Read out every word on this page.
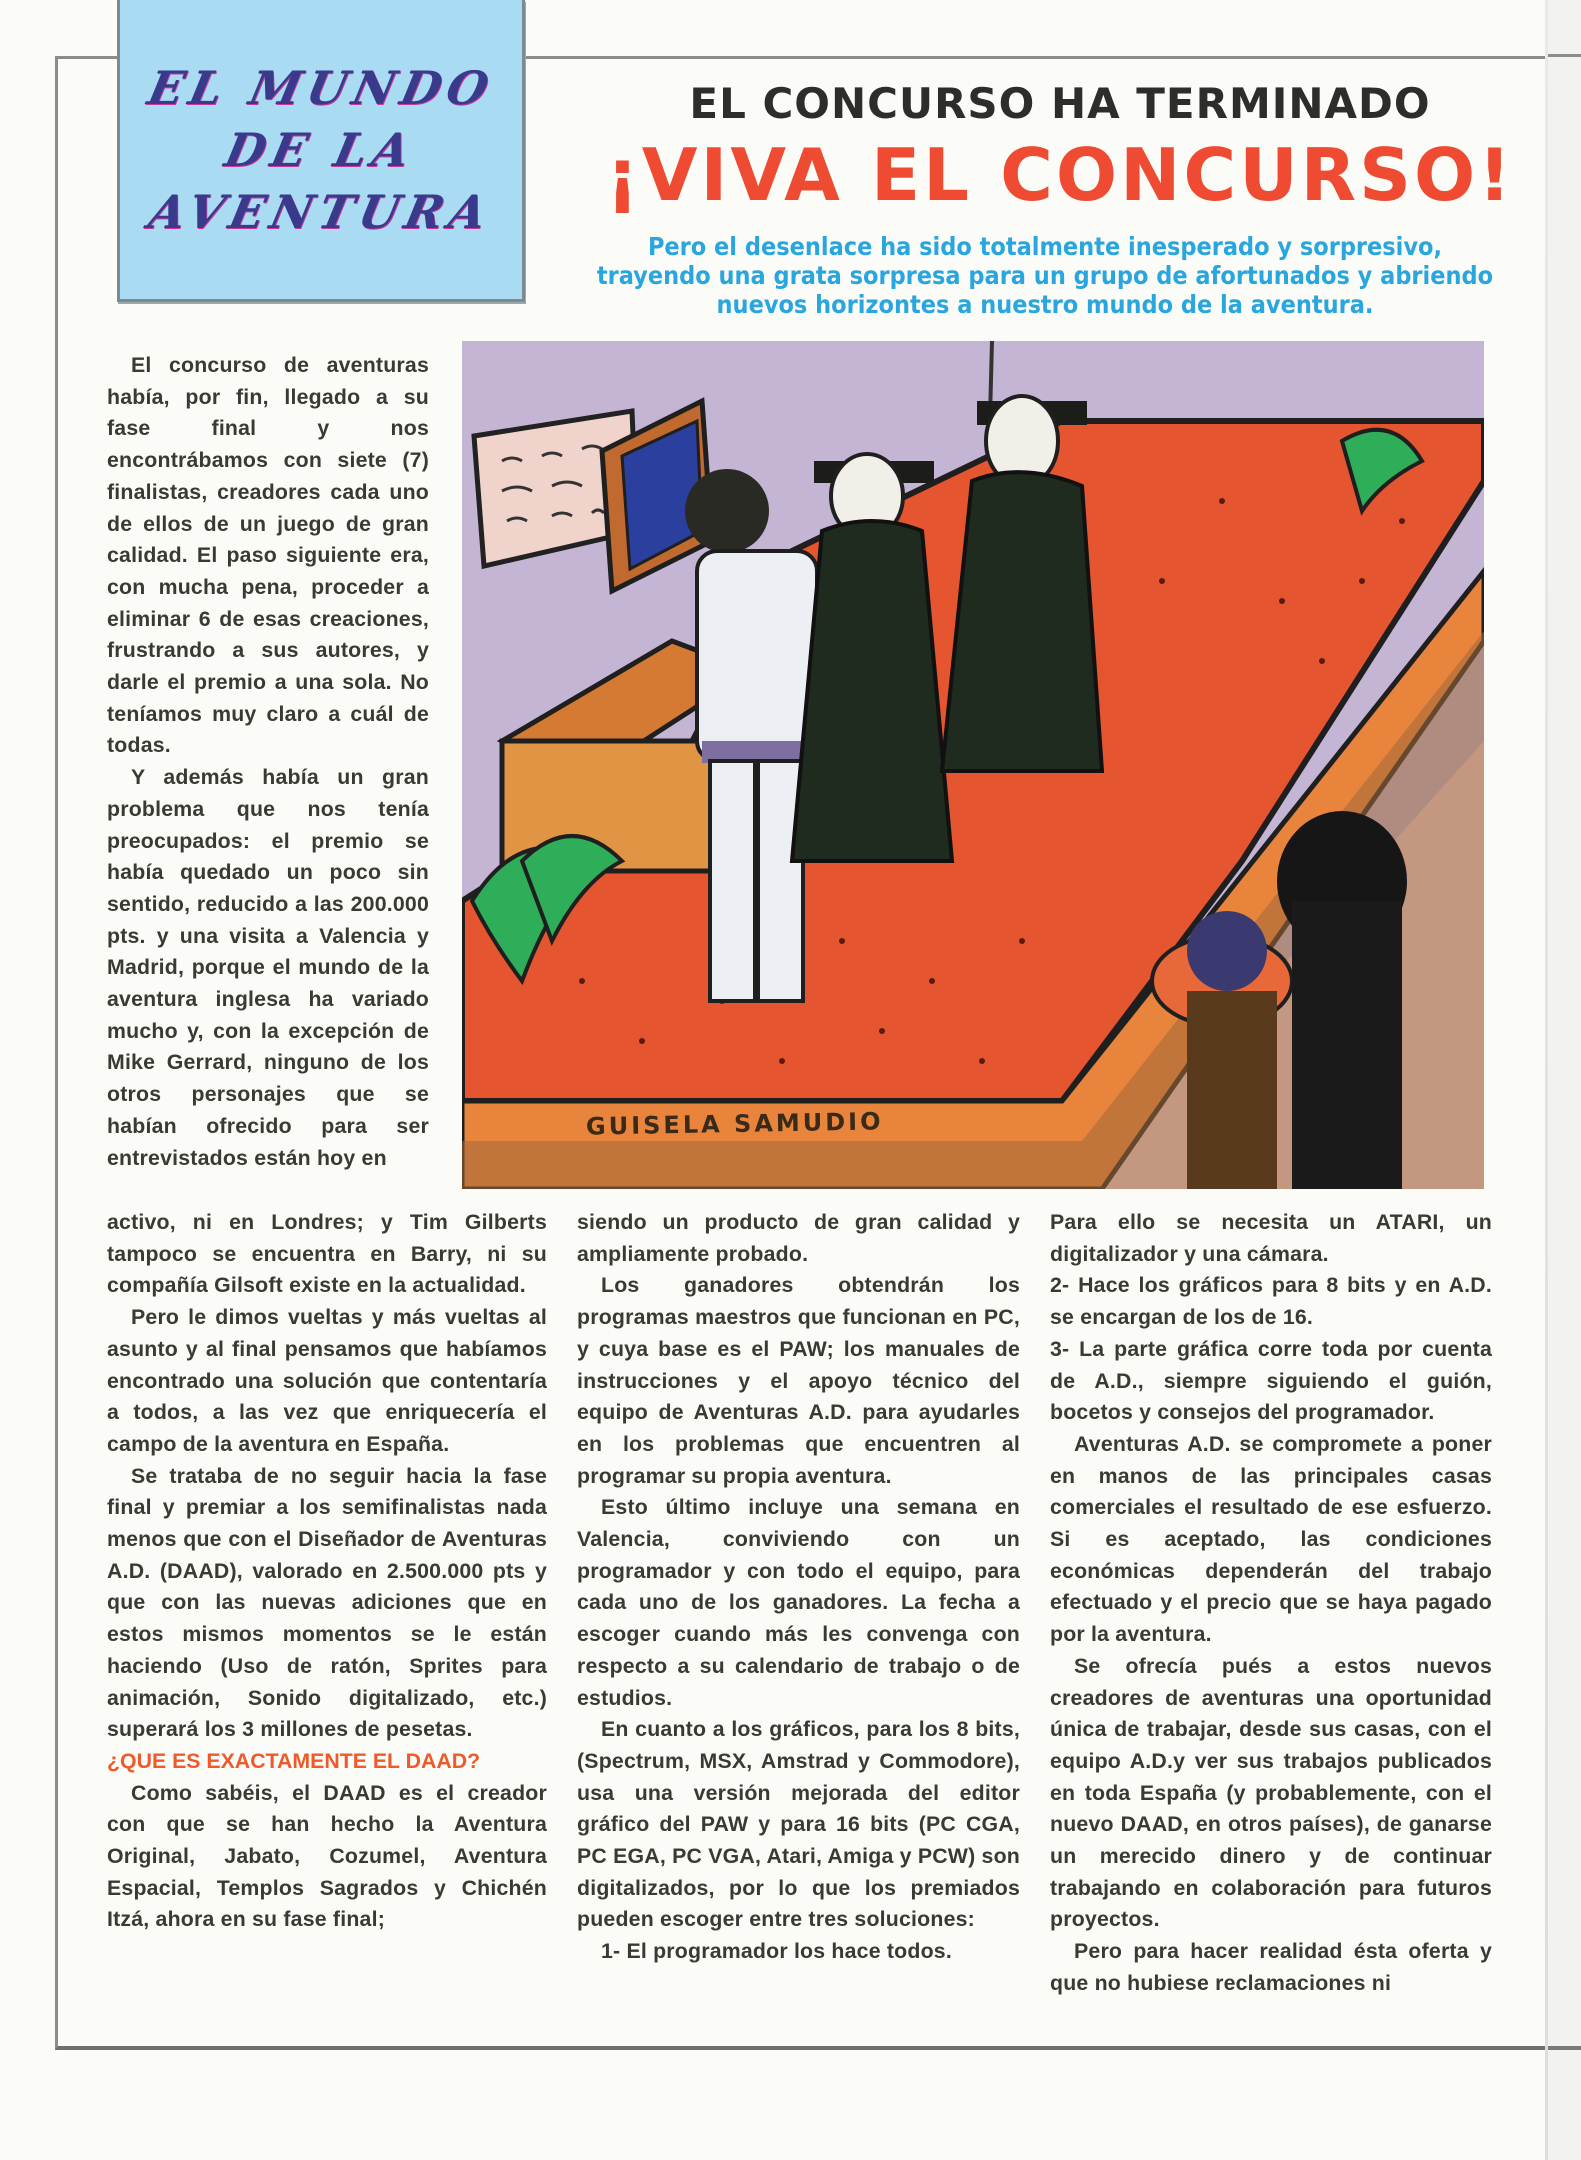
EL MUNDO
DE LA
AVENTURA
EL CONCURSO HA TERMINADO
¡VIVA EL CONCURSO!
Pero el desenlace ha sido totalmente inesperado y sorpresivo, trayendo una grata sorpresa para un grupo de afortunados y abriendo nuevos horizontes a nuestro mundo de la aventura.
GUISELA SAMUDIO

El concurso de aventuras había, por fin, llegado a su fase final y nos encontrábamos con siete (7) finalistas, creadores cada uno de ellos de un juego de gran calidad. El paso siguiente era, con mucha pena, proceder a eliminar 6 de esas creaciones, frustrando a sus autores, y darle el premio a una sola. No teníamos muy claro a cuál de todas.

Y además había un gran problema que nos tenía preocupados: el premio se había quedado un poco sin sentido, reducido a las 200.000 pts. y una visita a Valencia y Madrid, porque el mundo de la aventura inglesa ha variado mucho y, con la excepción de Mike Gerrard, ninguno de los otros personajes que se habían ofrecido para ser entrevistados están hoy en

activo, ni en Londres; y Tim Gilberts tampoco se encuentra en Barry, ni su compañía Gilsoft existe en la actualidad.

Pero le dimos vueltas y más vueltas al asunto y al final pensamos que habíamos encontrado una solución que contentaría a todos, a las vez que enriquecería el campo de la aventura en España.

Se trataba de no seguir hacia la fase final y premiar a los semifinalistas nada menos que con el Diseñador de Aventuras A.D. (DAAD), valorado en 2.500.000 pts y que con las nuevas adiciones que en estos mismos momentos se le están haciendo (Uso de ratón, Sprites para animación, Sonido digitalizado, etc.) superará los 3 millones de pesetas.

¿QUE ES EXACTAMENTE EL DAAD?

Como sabéis, el DAAD es el creador con que se han hecho la Aventura Original, Jabato, Cozumel, Aventura Espacial, Templos Sagrados y Chichén Itzá, ahora en su fase final;

siendo un producto de gran calidad y ampliamente probado.

Los ganadores obtendrán los programas maestros que funcionan en PC, y cuya base es el PAW; los manuales de instrucciones y el apoyo técnico del equipo de Aventuras A.D. para ayudarles en los problemas que encuentren al programar su propia aventura.

Esto último incluye una semana en Valencia, conviviendo con un programador y con todo el equipo, para cada uno de los ganadores. La fecha a escoger cuando más les convenga con respecto a su calendario de trabajo o de estudios.

En cuanto a los gráficos, para los 8 bits, (Spectrum, MSX, Amstrad y Commodore), usa una versión mejorada del editor gráfico del PAW y para 16 bits (PC CGA, PC EGA, PC VGA, Atari, Amiga y PCW) son digitalizados, por lo que los premiados pueden escoger entre tres soluciones:

1- El programador los hace todos.

Para ello se necesita un ATARI, un digitalizador y una cámara.

2- Hace los gráficos para 8 bits y en A.D. se encargan de los de 16.

3- La parte gráfica corre toda por cuenta de A.D., siempre siguiendo el guión, bocetos y consejos del programador.

Aventuras A.D. se compromete a poner en manos de las principales casas comerciales el resultado de ese esfuerzo. Si es aceptado, las condiciones económicas dependerán del trabajo efectuado y el precio que se haya pagado por la aventura.

Se ofrecía pués a estos nuevos creadores de aventuras una oportunidad única de trabajar, desde sus casas, con el equipo A.D.y ver sus trabajos publicados en toda España (y probablemente, con el nuevo DAAD, en otros países), de ganarse un merecido dinero y de continuar trabajando en colaboración para futuros proyectos.

Pero para hacer realidad ésta oferta y que no hubiese reclamaciones ni
